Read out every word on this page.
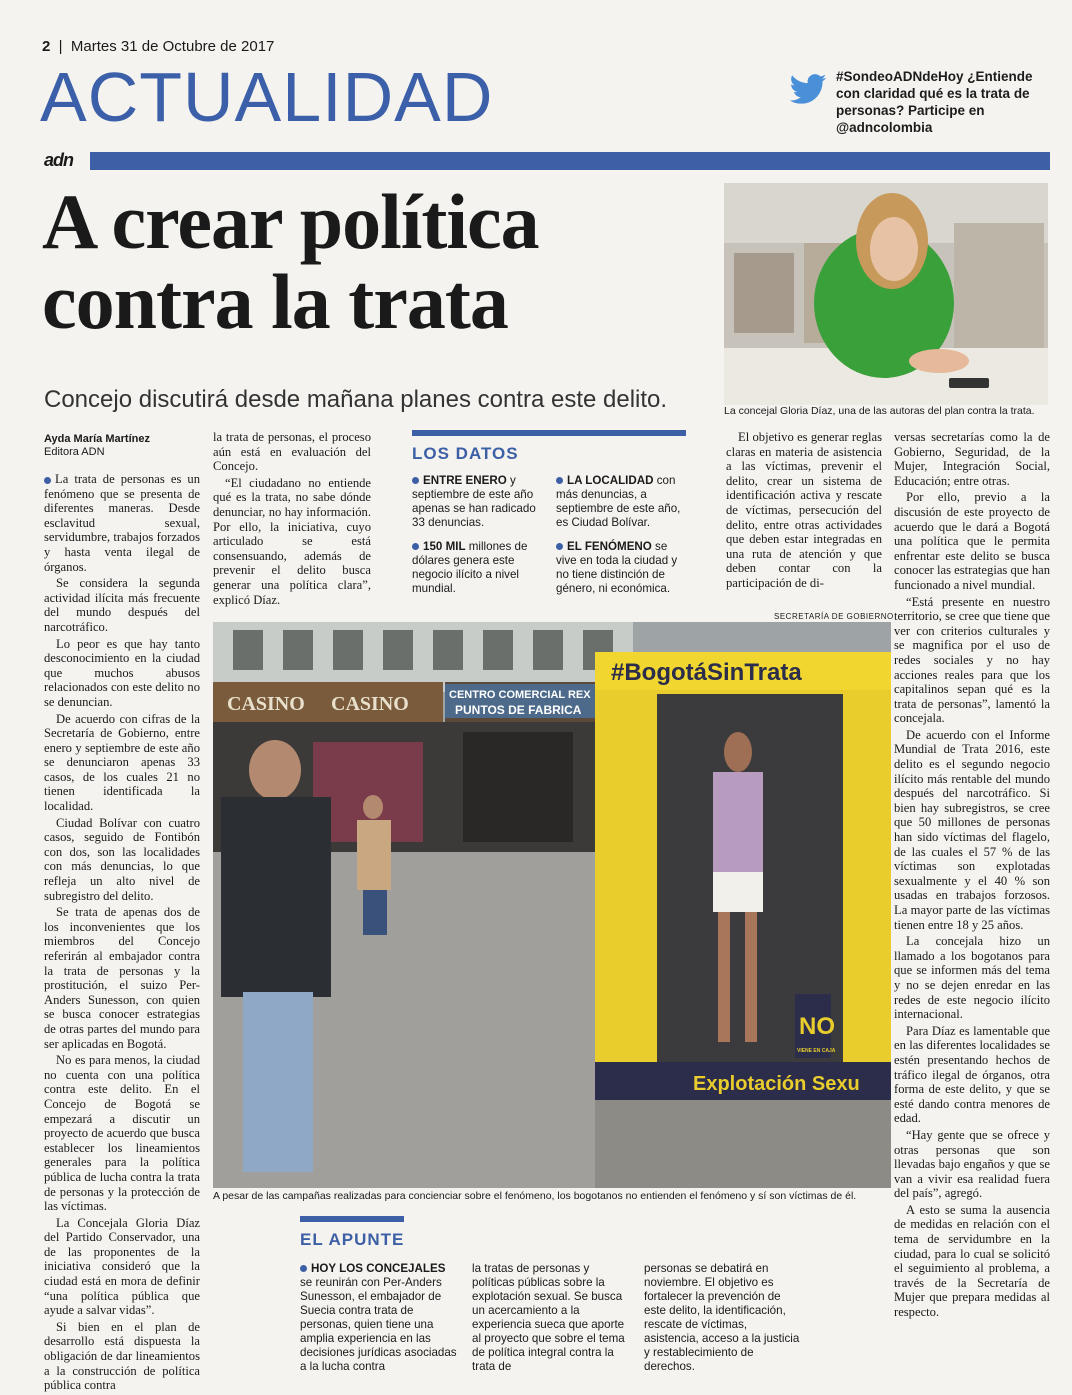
2  |  Martes 31 de Octubre de 2017
ACTUALIDAD	#SondeoADNdeHoy ¿Entiende con claridad qué es la trata de personas? Participe en @adncolombia
adn
A crear política
contra la trata
Concejo discutirá desde mañana planes contra este delito.	La concejal Gloria Díaz, una de las autoras del plan contra la trata.
Ayda María Martínez
Editora ADN

La trata de personas es un fenómeno que se presenta de diferentes maneras. Desde esclavitud sexual, servidumbre, trabajos forzados y hasta venta ilegal de órganos.

Se considera la segunda actividad ilícita más frecuente del mundo después del narcotráfico.

Lo peor es que hay tanto desconocimiento en la ciudad que muchos abusos relacionados con este delito no se denuncian.

De acuerdo con cifras de la Secretaría de Gobierno, entre enero y septiembre de este año se denunciaron apenas 33 casos, de los cuales 21 no tienen identificada la localidad.

Ciudad Bolívar con cuatro casos, seguido de Fontibón con dos, son las localidades con más denuncias, lo que refleja un alto nivel de subregistro del delito.

Se trata de apenas dos de los inconvenientes que los miembros del Concejo referirán al embajador contra la trata de personas y la prostitución, el suizo Per-Anders Sunesson, con quien se busca conocer estrategias de otras partes del mundo para ser aplicadas en Bogotá.

No es para menos, la ciudad no cuenta con una política contra este delito. En el Concejo de Bogotá se empezará a discutir un proyecto de acuerdo que busca establecer los lineamientos generales para la política pública de lucha contra la trata de personas y la protección de las víctimas.

La Concejala Gloria Díaz del Partido Conservador, una de las proponentes de la iniciativa consideró que la ciudad está en mora de definir “una política pública que ayude a salvar vidas”.

Si bien en el plan de desarrollo está dispuesta la obligación de dar lineamientos a la construcción de política pública contra

la trata de personas, el proceso aún está en evaluación del Concejo.

“El ciudadano no entiende qué es la trata, no sabe dónde denunciar, no hay información. Por ello, la iniciativa, cuyo articulado se está consensuando, además de prevenir el delito busca generar una política clara”, explicó Díaz.

LOS DATOS
ENTRE ENERO y septiembre de este año apenas se han radicado 33 denuncias.
150 MIL millones de dólares genera este negocio ilícito a nivel mundial.
LA LOCALIDAD con más denuncias, a septiembre de este año, es Ciudad Bolívar.
EL FENÓMENO se vive en toda la ciudad y no tiene distinción de género, ni económica.

El objetivo es generar reglas claras en materia de asistencia a las víctimas, prevenir el delito, crear un sistema de identificación activa y rescate de víctimas, persecución del delito, entre otras actividades que deben estar integradas en una ruta de atención y que deben contar con la participación de di-

versas secretarías como la de Gobierno, Seguridad, de la Mujer, Integración Social, Educación; entre otras.

Por ello, previo a la discusión de este proyecto de acuerdo que le dará a Bogotá una política que le permita enfrentar este delito se busca conocer las estrategias que han funcionado a nivel mundial.

“Está presente en nuestro territorio, se cree que tiene que ver con criterios culturales y se magnifica por el uso de redes sociales y no hay acciones reales para que los capitalinos sepan qué es la trata de personas”, lamentó la concejala.

De acuerdo con el Informe Mundial de Trata 2016, este delito es el segundo negocio ilícito más rentable del mundo después del narcotráfico. Si bien hay subregistros, se cree que 50 millones de personas han sido víctimas del flagelo, de las cuales el 57 % de las víctimas son explotadas sexualmente y el 40 % son usadas en trabajos forzosos. La mayor parte de las víctimas tienen entre 18 y 25 años.

La concejala hizo un llamado a los bogotanos para que se informen más del tema y no se dejen enredar en las redes de este negocio ilícito internacional.

Para Díaz es lamentable que en las diferentes localidades se estén presentando hechos de tráfico ilegal de órganos, otra forma de este delito, y que se esté dando contra menores de edad.

“Hay gente que se ofrece y otras personas que son llevadas bajo engaños y que se van a vivir esa realidad fuera del país”, agregó.

A esto se suma la ausencia de medidas en relación con el tema de servidumbre en la ciudad, para lo cual se solicitó el seguimiento al problema, a través de la Secretaría de Mujer que prepara medidas al respecto.

SECRETARÍA DE GOBIERNO
CASINO CASINO	CENTRO COMERCIAL REX
PUNTOS DE FABRICA
#BogotáSinTrata
NO
VIENE EN CAJA
Explotación Sexu
A pesar de las campañas realizadas para concienciar sobre el fenómeno, los bogotanos no entienden el fenómeno y sí son víctimas de él.
EL APUNTE
HOY LOS CONCEJALES se reunirán con Per-Anders Sunesson, el embajador de Suecia contra trata de personas, quien tiene una amplia experiencia en las decisiones jurídicas asociadas a la lucha contra
la tratas de personas y políticas públicas sobre la explotación sexual. Se busca un acercamiento a la experiencia sueca que aporte al proyecto que sobre el tema de política integral contra la trata de
personas se debatirá en noviembre. El objetivo es fortalecer la prevención de este delito, la identificación, rescate de víctimas, asistencia, acceso a la justicia y restablecimiento de derechos.
